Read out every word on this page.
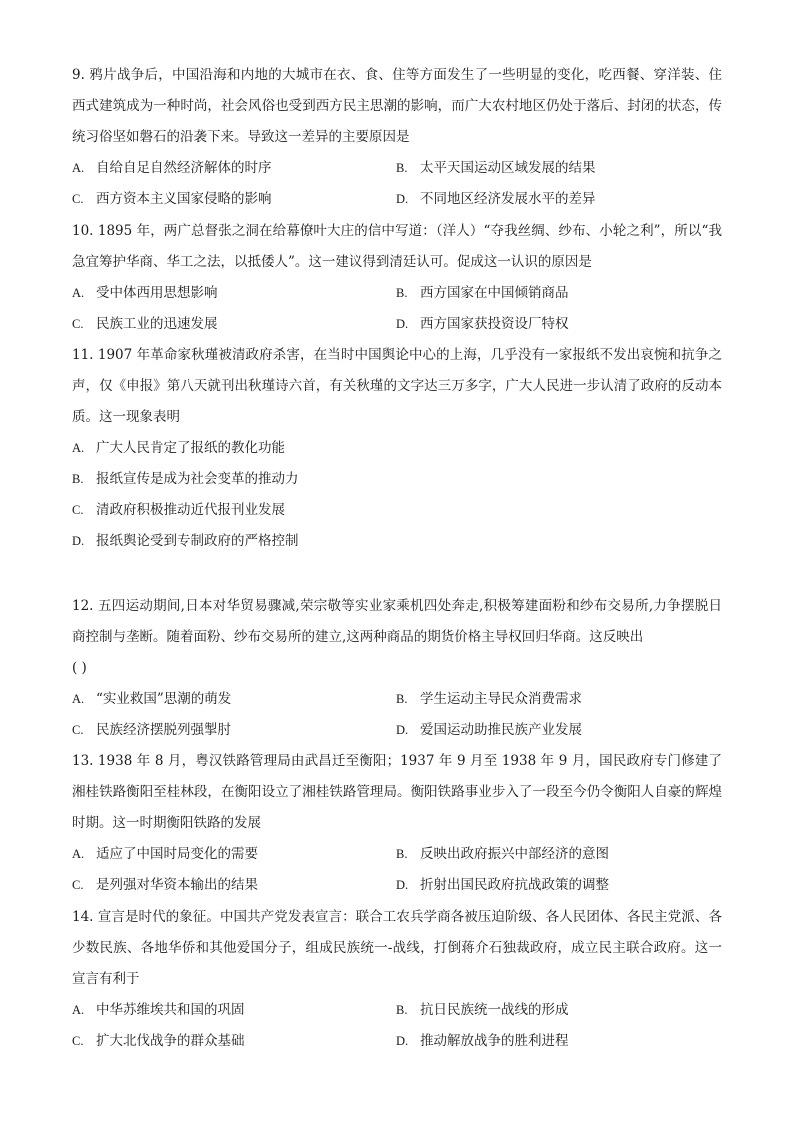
9. 鸦片战争后，中国沿海和内地的大城市在衣、食、住等方面发生了一些明显的变化，吃西餐、穿洋装、住西式建筑成为一种时尚，社会风俗也受到西方民主思潮的影响，而广大农村地区仍处于落后、封闭的状态，传统习俗坚如磐石的沿袭下来。导致这一差异的主要原因是

A. 自给自足自然经济解体的时序	B. 太平天国运动区域发展的结果
C. 西方资本主义国家侵略的影响	D. 不同地区经济发展水平的差异

10. 1895 年，两广总督张之洞在给幕僚叶大庄的信中写道：（洋人）“夺我丝绸、纱布、小轮之利”，所以“我急宜筹护华商、华工之法，以抵倭人”。这一建议得到清廷认可。促成这一认识的原因是

A. 受中体西用思想影响	B. 西方国家在中国倾销商品
C. 民族工业的迅速发展	D. 西方国家获投资设厂特权

11. 1907 年革命家秋瑾被清政府杀害，在当时中国舆论中心的上海，几乎没有一家报纸不发出哀惋和抗争之声，仅《申报》第八天就刊出秋瑾诗六首，有关秋瑾的文字达三万多字，广大人民进一步认清了政府的反动本质。这一现象表明

A. 广大人民肯定了报纸的教化功能
B. 报纸宣传是成为社会变革的推动力
C. 清政府积极推动近代报刊业发展
D. 报纸舆论受到专制政府的严格控制

12. 五四运动期间,日本对华贸易骤减,荣宗敬等实业家乘机四处奔走,积极筹建面粉和纱布交易所,力争摆脱日商控制与垄断。随着面粉、纱布交易所的建立,这两种商品的期货价格主导权回归华商。这反映出

( )
A. “实业救国”思潮的萌发	B. 学生运动主导民众消费需求
C. 民族经济摆脱列强掣肘	D. 爱国运动助推民族产业发展

13. 1938 年 8 月，粤汉铁路管理局由武昌迁至衡阳；1937 年 9 月至 1938 年 9 月，国民政府专门修建了湘桂铁路衡阳至桂林段，在衡阳设立了湘桂铁路管理局。衡阳铁路事业步入了一段至今仍令衡阳人自豪的辉煌时期。这一时期衡阳铁路的发展

A. 适应了中国时局变化的需要	B. 反映出政府振兴中部经济的意图
C. 是列强对华资本输出的结果	D. 折射出国民政府抗战政策的调整

14. 宣言是时代的象征。中国共产党发表宣言：联合工农兵学商各被压迫阶级、各人民团体、各民主党派、各少数民族、各地华侨和其他爱国分子，组成民族统一-战线，打倒蒋介石独裁政府，成立民主联合政府。这一宣言有利于

A. 中华苏维埃共和国的巩固	B. 抗日民族统一战线的形成
C. 扩大北伐战争的群众基础	D. 推动解放战争的胜利进程
